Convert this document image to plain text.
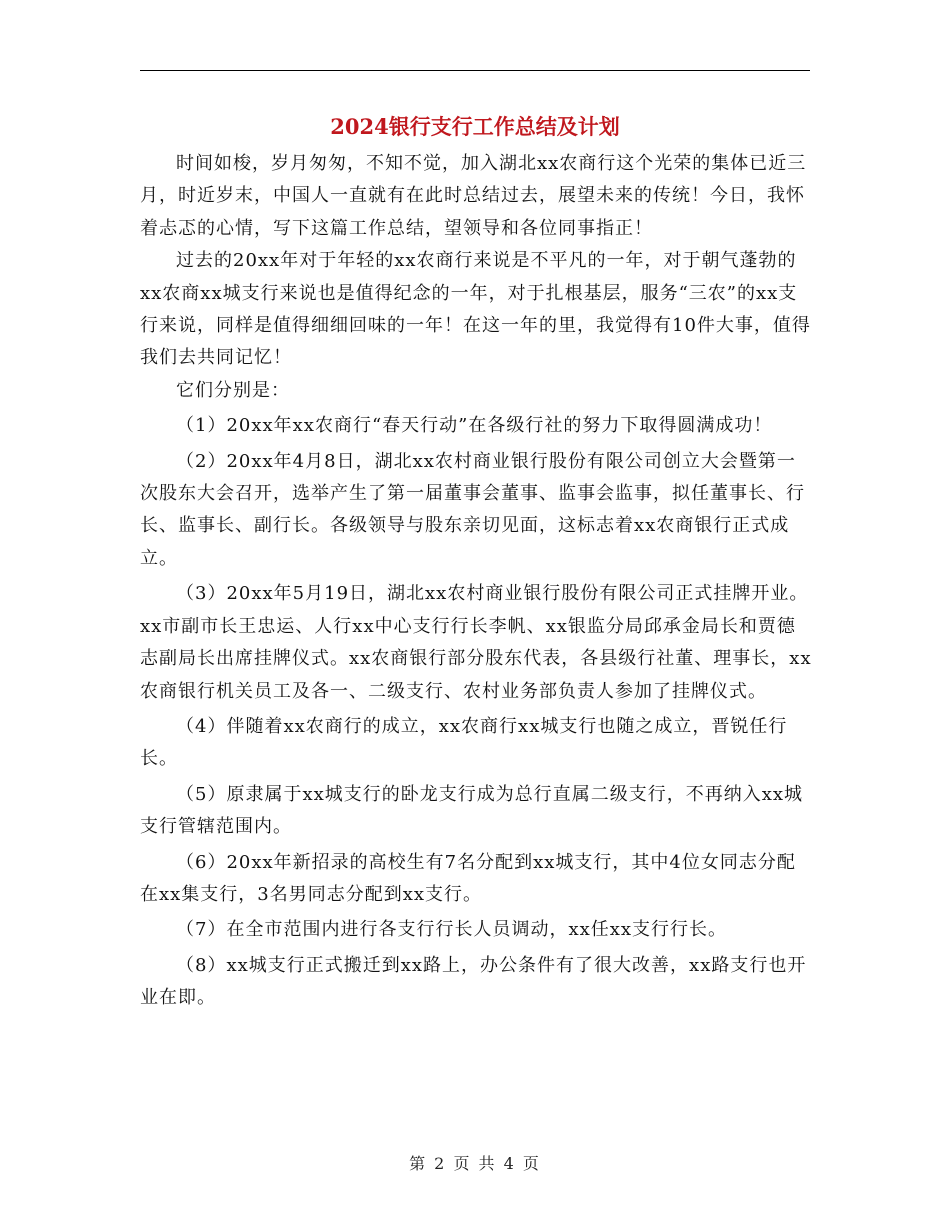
2024银行支行工作总结及计划

时间如梭，岁月匆匆，不知不觉，加入湖北xx农商行这个光荣的集体已近三月，时近岁末，中国人一直就有在此时总结过去，展望未来的传统！今日，我怀着忐忑的心情，写下这篇工作总结，望领导和各位同事指正！

过去的20xx年对于年轻的xx农商行来说是不平凡的一年，对于朝气蓬勃的xx农商xx城支行来说也是值得纪念的一年，对于扎根基层，服务“三农”的xx支行来说，同样是值得细细回味的一年！在这一年的里，我觉得有10件大事，值得我们去共同记忆！

它们分别是：

（1）20xx年xx农商行“春天行动”在各级行社的努力下取得圆满成功！

（2）20xx年4月8日，湖北xx农村商业银行股份有限公司创立大会暨第一次股东大会召开，选举产生了第一届董事会董事、监事会监事，拟任董事长、行长、监事长、副行长。各级领导与股东亲切见面，这标志着xx农商银行正式成立。

（3）20xx年5月19日，湖北xx农村商业银行股份有限公司正式挂牌开业。xx市副市长王忠运、人行xx中心支行行长李帆、xx银监分局邱承金局长和贾德志副局长出席挂牌仪式。xx农商银行部分股东代表，各县级行社董、理事长，xx农商银行机关员工及各一、二级支行、农村业务部负责人参加了挂牌仪式。

（4）伴随着xx农商行的成立，xx农商行xx城支行也随之成立，晋锐任行长。

（5）原隶属于xx城支行的卧龙支行成为总行直属二级支行，不再纳入xx城支行管辖范围内。

（6）20xx年新招录的高校生有7名分配到xx城支行，其中4位女同志分配在xx集支行，3名男同志分配到xx支行。

（7）在全市范围内进行各支行行长人员调动，xx任xx支行行长。

（8）xx城支行正式搬迁到xx路上，办公条件有了很大改善，xx路支行也开业在即。

第 2 页 共 4 页
